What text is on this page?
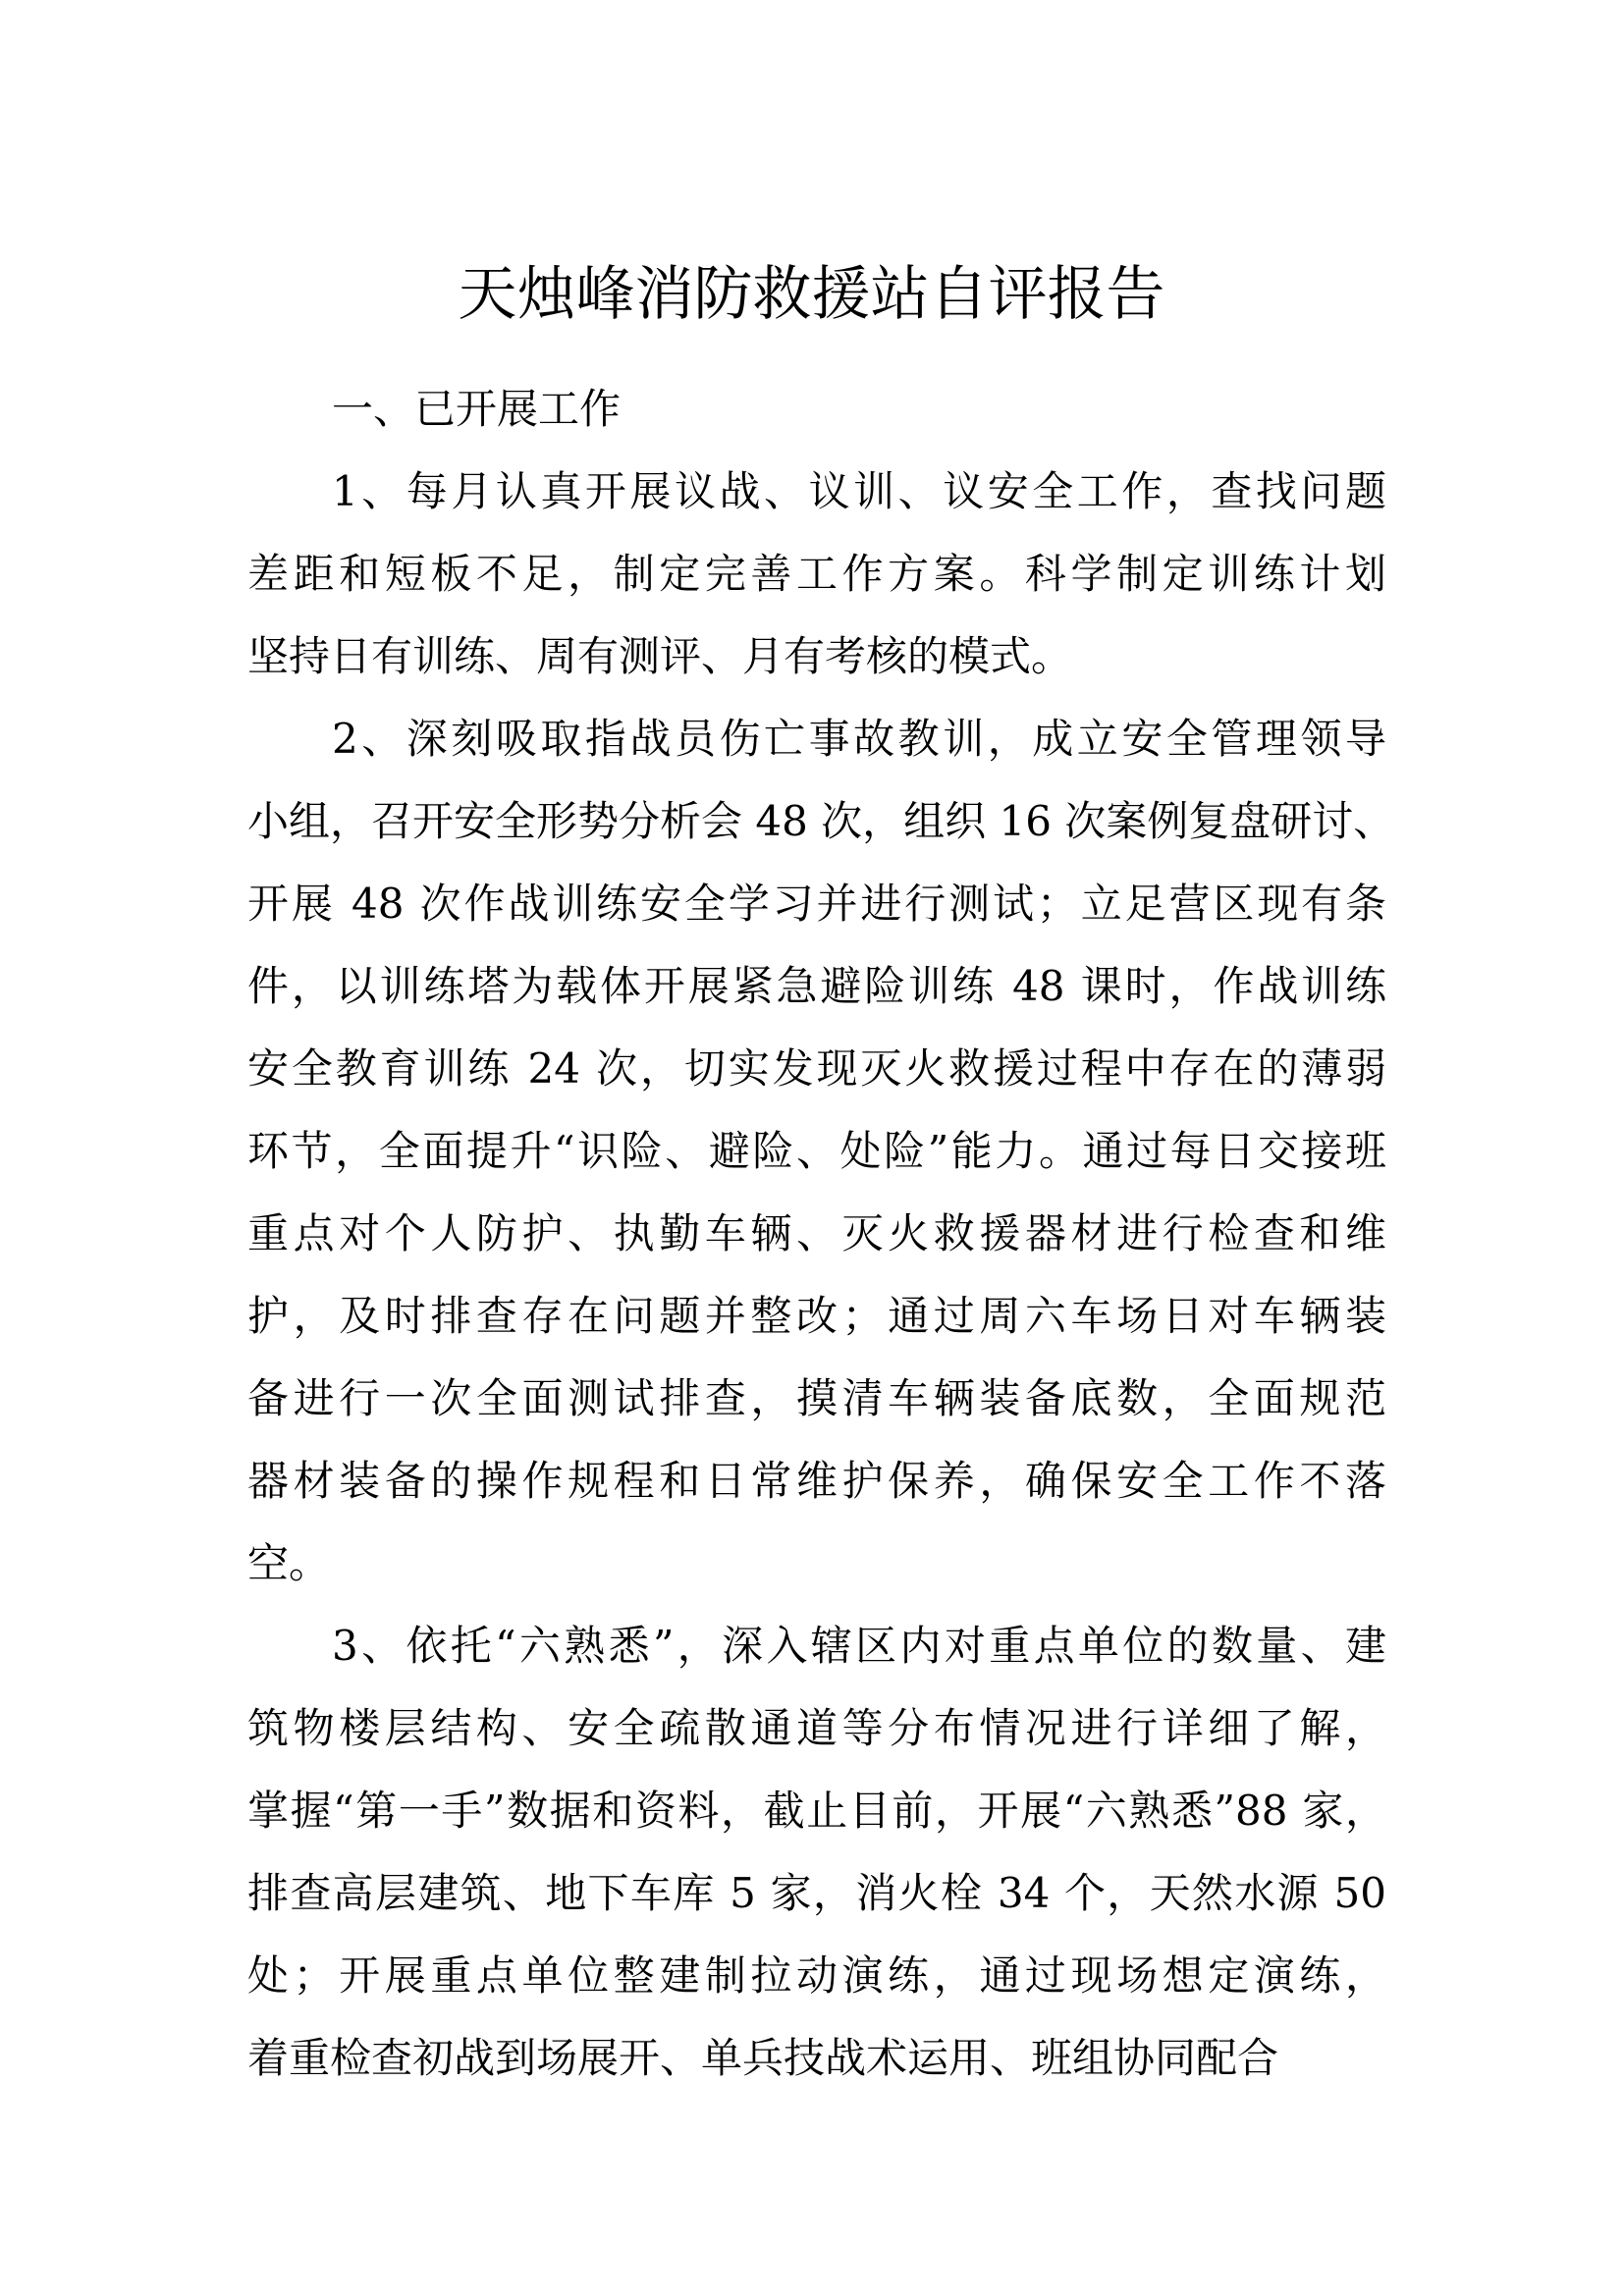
天烛峰消防救援站自评报告
一、已开展工作
1、每月认真开展议战、议训、议安全工作，查找问题
差距和短板不足，制定完善工作方案。科学制定训练计划
坚持日有训练、周有测评、月有考核的模式。
2、深刻吸取指战员伤亡事故教训，成立安全管理领导
小组，召开安全形势分析会 48 次，组织 16 次案例复盘研讨、
开展 48 次作战训练安全学习并进行测试；立足营区现有条
件，以训练塔为载体开展紧急避险训练 48 课时，作战训练
安全教育训练 24 次，切实发现灭火救援过程中存在的薄弱
环节，全面提升“识险、避险、处险”能力。通过每日交接班
重点对个人防护、执勤车辆、灭火救援器材进行检查和维
护，及时排查存在问题并整改；通过周六车场日对车辆装
备进行一次全面测试排查，摸清车辆装备底数，全面规范
器材装备的操作规程和日常维护保养，确保安全工作不落
空。
3、依托“六熟悉”，深入辖区内对重点单位的数量、建
筑物楼层结构、安全疏散通道等分布情况进行详细了解，
掌握“第一手”数据和资料，截止目前，开展“六熟悉”88 家，
排查高层建筑、地下车库 5 家，消火栓 34 个，天然水源 50
处；开展重点单位整建制拉动演练，通过现场想定演练，
着重检查初战到场展开、单兵技战术运用、班组协同配合
